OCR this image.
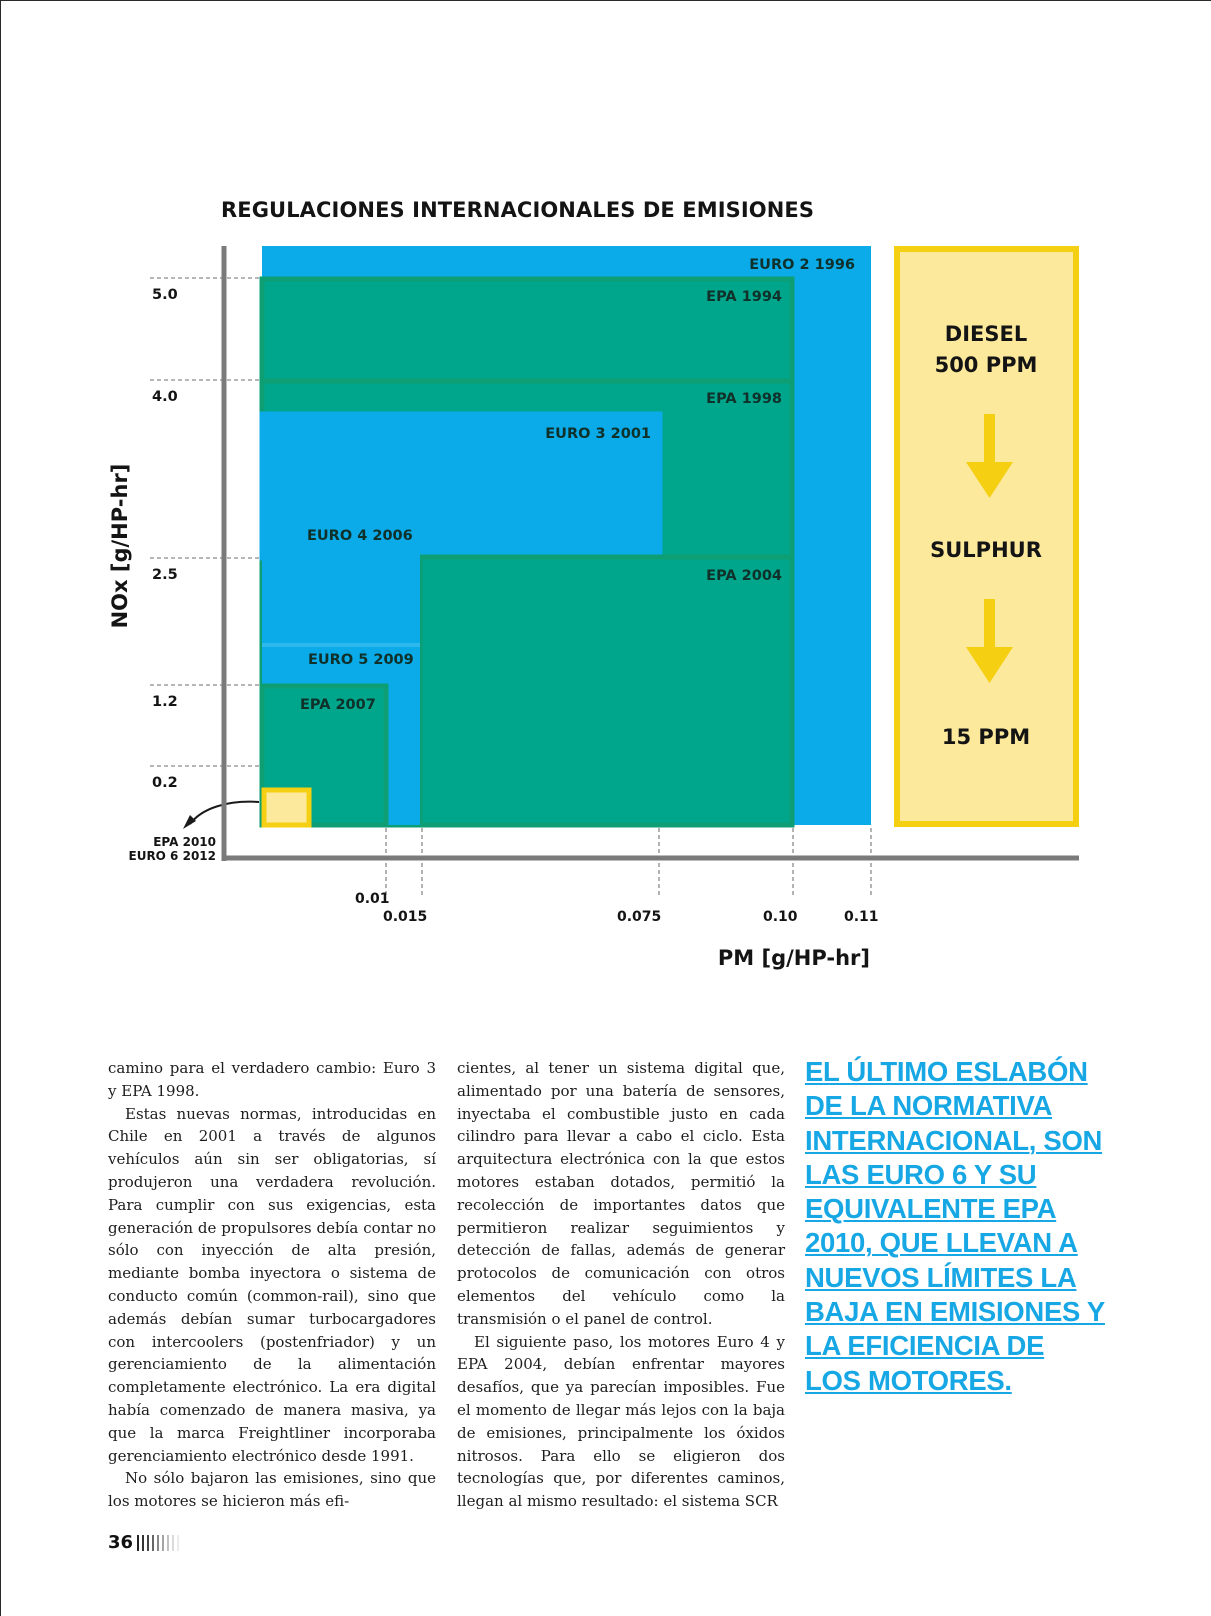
REGULACIONES INTERNACIONALES DE EMISIONES
EURO 2 1996
EPA 1994
EPA 1998
EURO 3 2001
EPA 2004
EURO 4 2006
EURO 5 2009
EPA 2007
EPA 2010
EURO 6 2012
5.0
4.0
2.5
1.2
0.2
0.01
0.015	0.075	0.10	0.11
PM [g/HP-hr]
NOx [g/HP-hr]
DIESEL
500 PPM
SULPHUR
15 PPM

camino para el verdadero cambio: Euro 3 y EPA 1998.

Estas nuevas normas, introducidas en Chile en 2001 a través de algunos vehículos aún sin ser obligatorias, sí produjeron una verdadera revolución. Para cumplir con sus exigencias, esta generación de propulsores debía contar no sólo con inyección de alta presión, mediante bomba inyectora o sistema de conducto común (common-rail), sino que además debían sumar turbocargadores con intercoolers (postenfriador) y un gerenciamiento de la alimentación completamente electrónico. La era digital había comenzado de manera masiva, ya que la marca Freightliner incorporaba gerenciamiento electrónico desde 1991.

No sólo bajaron las emisiones, sino que los motores se hicieron más efi-

cientes, al tener un sistema digital que, alimentado por una batería de sensores, inyectaba el combustible justo en cada cilindro para llevar a cabo el ciclo. Esta arquitectura electrónica con la que estos motores estaban dotados, permitió la recolección de importantes datos que permitieron realizar seguimientos y detección de fallas, además de generar protocolos de comunicación con otros elementos del vehículo como la transmisión o el panel de control.

El siguiente paso, los motores Euro 4 y EPA 2004, debían enfrentar mayores desafíos, que ya parecían imposibles. Fue el momento de llegar más lejos con la baja de emisiones, principalmente los óxidos nitrosos. Para ello se eligieron dos tecnologías que, por diferentes caminos, llegan al mismo resultado: el sistema SCR

EL ÚLTIMO ESLABÓN DE LA NORMATIVA INTERNACIONAL, SON LAS EURO 6 Y SU EQUIVALENTE EPA 2010, QUE LLEVAN A NUEVOS LÍMITES LA BAJA EN EMISIONES Y LA EFICIENCIA DE LOS MOTORES.
36
